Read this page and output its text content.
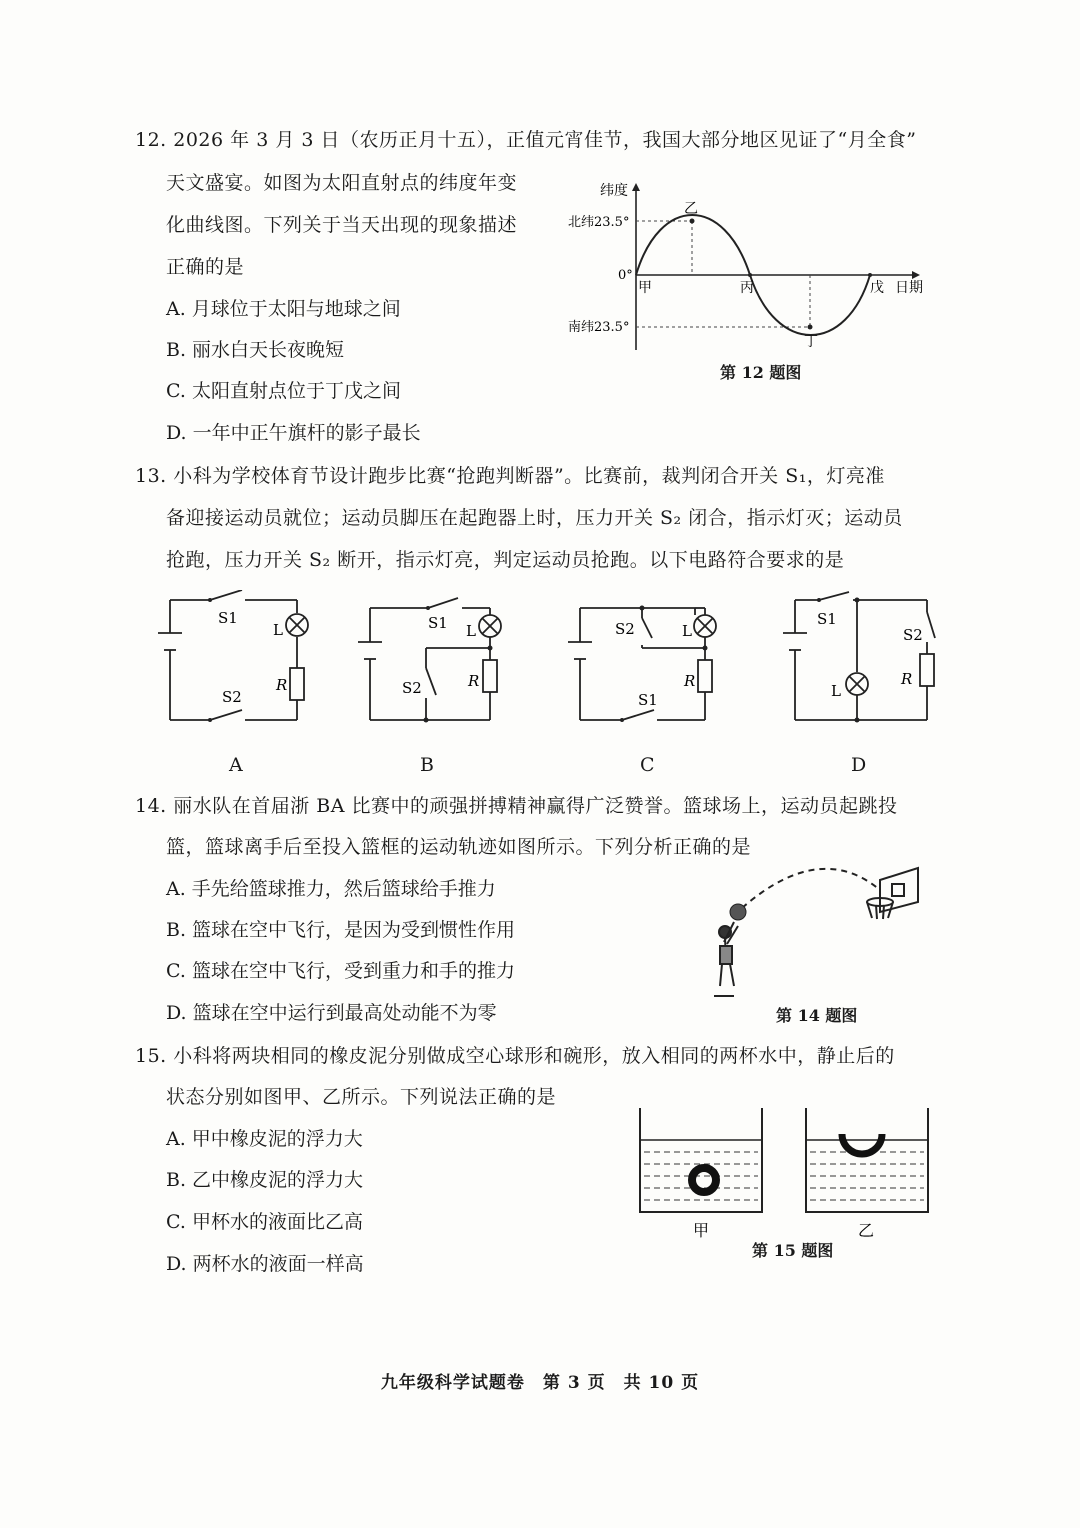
12. 2026 年 3 月 3 日（农历正月十五），正值元宵佳节，我国大部分地区见证了“月全食”
天文盛宴。如图为太阳直射点的纬度年变
化曲线图。下列关于当天出现的现象描述
正确的是
A. 月球位于太阳与地球之间
B. 丽水白天长夜晚短
C. 太阳直射点位于丁戊之间
D. 一年中正午旗杆的影子最长
纬度
日期
北纬23.5°
0°
南纬23.5°
甲
乙
丙
丁
戊
第 12 题图
13. 小科为学校体育节设计跑步比赛“抢跑判断器”。比赛前，裁判闭合开关 S₁，灯亮准
备迎接运动员就位；运动员脚压在起跑器上时，压力开关 S₂ 闭合，指示灯灭；运动员
抢跑，压力开关 S₂ 断开，指示灯亮，判定运动员抢跑。以下电路符合要求的是
S1
L
R
S2
S1 L
R
S2
S2	L
R
S1
S1
L
S2
R
A	B	C	D
14. 丽水队在首届浙 BA 比赛中的顽强拼搏精神赢得广泛赞誉。篮球场上，运动员起跳投
篮，篮球离手后至投入篮框的运动轨迹如图所示。下列分析正确的是
A. 手先给篮球推力，然后篮球给手推力
B. 篮球在空中飞行，是因为受到惯性作用
C. 篮球在空中飞行，受到重力和手的推力
D. 篮球在空中运行到最高处动能不为零	第 14 题图
15. 小科将两块相同的橡皮泥分别做成空心球形和碗形，放入相同的两杯水中，静止后的
状态分别如图甲、乙所示。下列说法正确的是
A. 甲中橡皮泥的浮力大
B. 乙中橡皮泥的浮力大
C. 甲杯水的液面比乙高
D. 两杯水的液面一样高
甲	乙
第 15 题图
九年级科学试题卷　第 3 页　共 10 页
